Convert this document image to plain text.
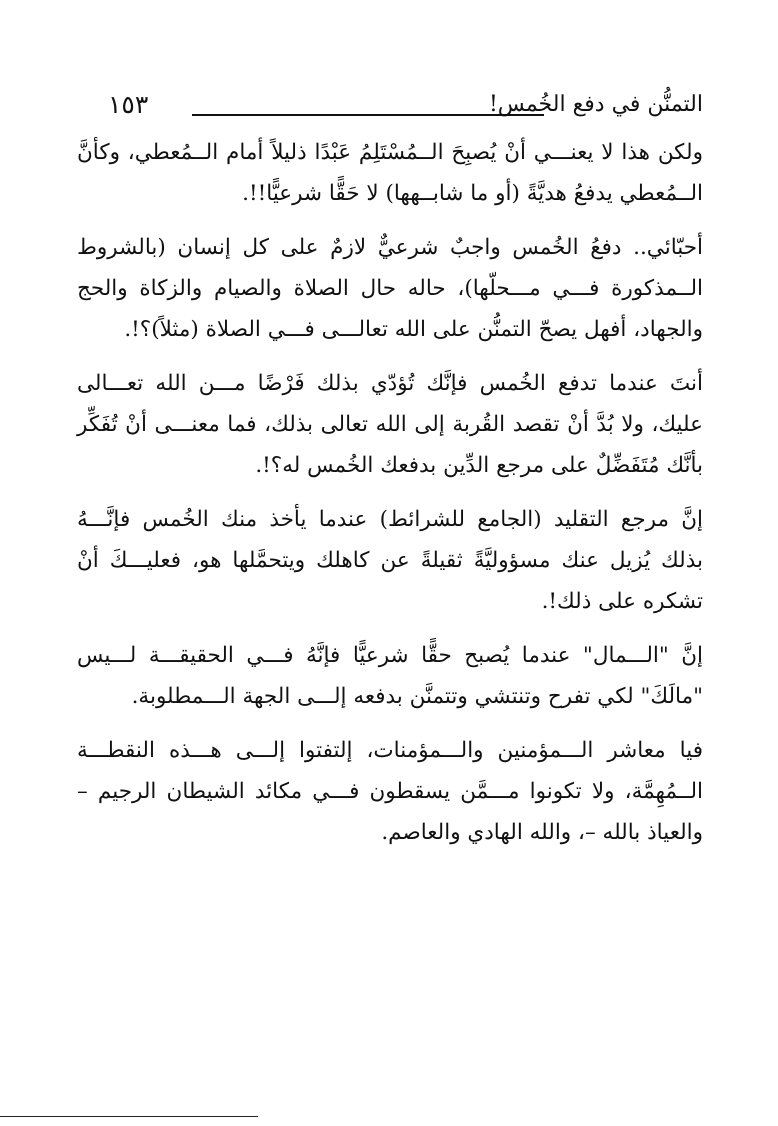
١٥٣	التمنُّن في دفع الخُمس!

ولكن هذا لا يعنـــي أنْ يُصبِحَ الــمُسْتَلِمُ عَبْدًا ذليلاً أمام الــمُعطي، وكأنَّ الــمُعطي يدفعُ هديَّةً (أو ما شابــهها) لا حَقًّا شرعيًّا!!.

أحبّائي.. دفعُ الخُمس واجبٌ شرعيٌّ لازمٌ على كل إنسان (بالشروط الــمذكورة فـــي مـــحلّها)، حاله حال الصلاة والصيام والزكاة والحج والجهاد، أفهل يصحّ التمنُّن على الله تعالـــى فـــي الصلاة (مثلاً)؟!.

أنتَ عندما تدفع الخُمس فإنَّك تُؤدّي بذلك فَرْضًا مـــن الله تعـــالى عليك، ولا بُدَّ أنْ تقصد القُربة إلى الله تعالى بذلك، فما معنـــى أنْ تُفَكِّر بأنَّك مُتَفَضِّلٌ على مرجع الدِّين بدفعك الخُمس له؟!.

إنَّ مرجع التقليد (الجامع للشرائط) عندما يأخذ منك الخُمس فإنَّـــهُ بذلك يُزيل عنك مسؤوليَّةً ثقيلةً عن كاهلك ويتحمَّلها هو، فعليـــكَ أنْ تشكره على ذلك!.

إنَّ "الـــمال" عندما يُصبح حقًّا شرعيًّا فإنَّهُ فـــي الحقيقـــة لـــيس "مالَكَ" لكي تفرح وتنتشي وتتمنَّن بدفعه إلـــى الجهة الـــمطلوبة.

فيا معاشر الـــمؤمنين والـــمؤمنات، إلتفتوا إلـــى هـــذه النقطـــة الــمُهِمَّة، ولا تكونوا مـــمَّن يسقطون فـــي مكائد الشيطان الرجيم – والعياذ بالله –، والله الهادي والعاصم.
